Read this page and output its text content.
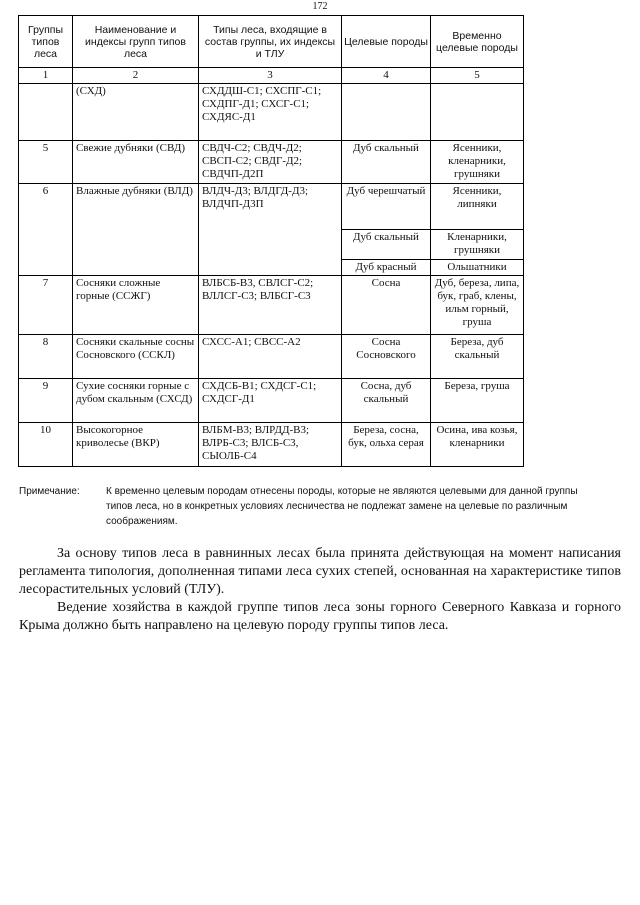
172
Группы типов леса	Наименование и индексы групп типов леса	Типы леса, входящие в состав группы, их индексы и ТЛУ	Целевые породы	Временно целевые породы
1	2	3	4	5
	(СХД)	СХДДШ-С1; СХСПГ-С1; СХДПГ-Д1; СХСГ-С1; СХДЯС-Д1		
5	Свежие дубняки (СВД)	СВДЧ-С2; СВДЧ-Д2; СВСП-С2; СВДГ-Д2; СВДЧП-Д2П	Дуб скальный	Ясенники, кленарники, грушняки
6	Влажные дубняки (ВЛД)	ВЛДЧ-Д3; ВЛДГД-Д3; ВЛДЧП-Д3П	Дуб черешчатый	Ясенники, липняки
			Дуб скальный	Кленарники, грушняки
			Дуб красный	Ольшатники
7	Сосняки сложные горные (ССЖГ)	ВЛБСБ-В3, СВЛСГ-С2; ВЛЛСГ-С3; ВЛБСГ-С3	Сосна	Дуб, береза, липа, бук, граб, клены, ильм горный, груша
8	Сосняки скальные сосны Сосновского (ССКЛ)	СХСС-А1; СВСС-А2	Сосна Сосновского	Береза, дуб скальный
9	Сухие сосняки горные с дубом скальным (СХСД)	СХДСБ-В1; СХДСГ-С1; СХДСГ-Д1	Сосна, дуб скальный	Береза, груша
10	Высокогорное криволесье (ВКР)	ВЛБМ-В3; ВЛРДД-В3; ВЛРБ-С3; ВЛСБ-С3, СЫОЛБ-С4	Береза, сосна, бук, ольха серая	Осина, ива козья, кленарники
Примечание:	К временно целевым породам отнесены породы, которые не являются целевыми для данной группы типов леса, но в конкретных условиях лесничества не подлежат замене на целевые по различным соображениям.

За основу типов леса в равнинных лесах была принята действующая на момент написания регламента типология, дополненная типами леса сухих степей, основанная на характеристике типов лесорастительных условий (ТЛУ).

Ведение хозяйства в каждой группе типов леса зоны горного Северного Кавказа и горного Крыма должно быть направлено на целевую породу группы типов леса.
